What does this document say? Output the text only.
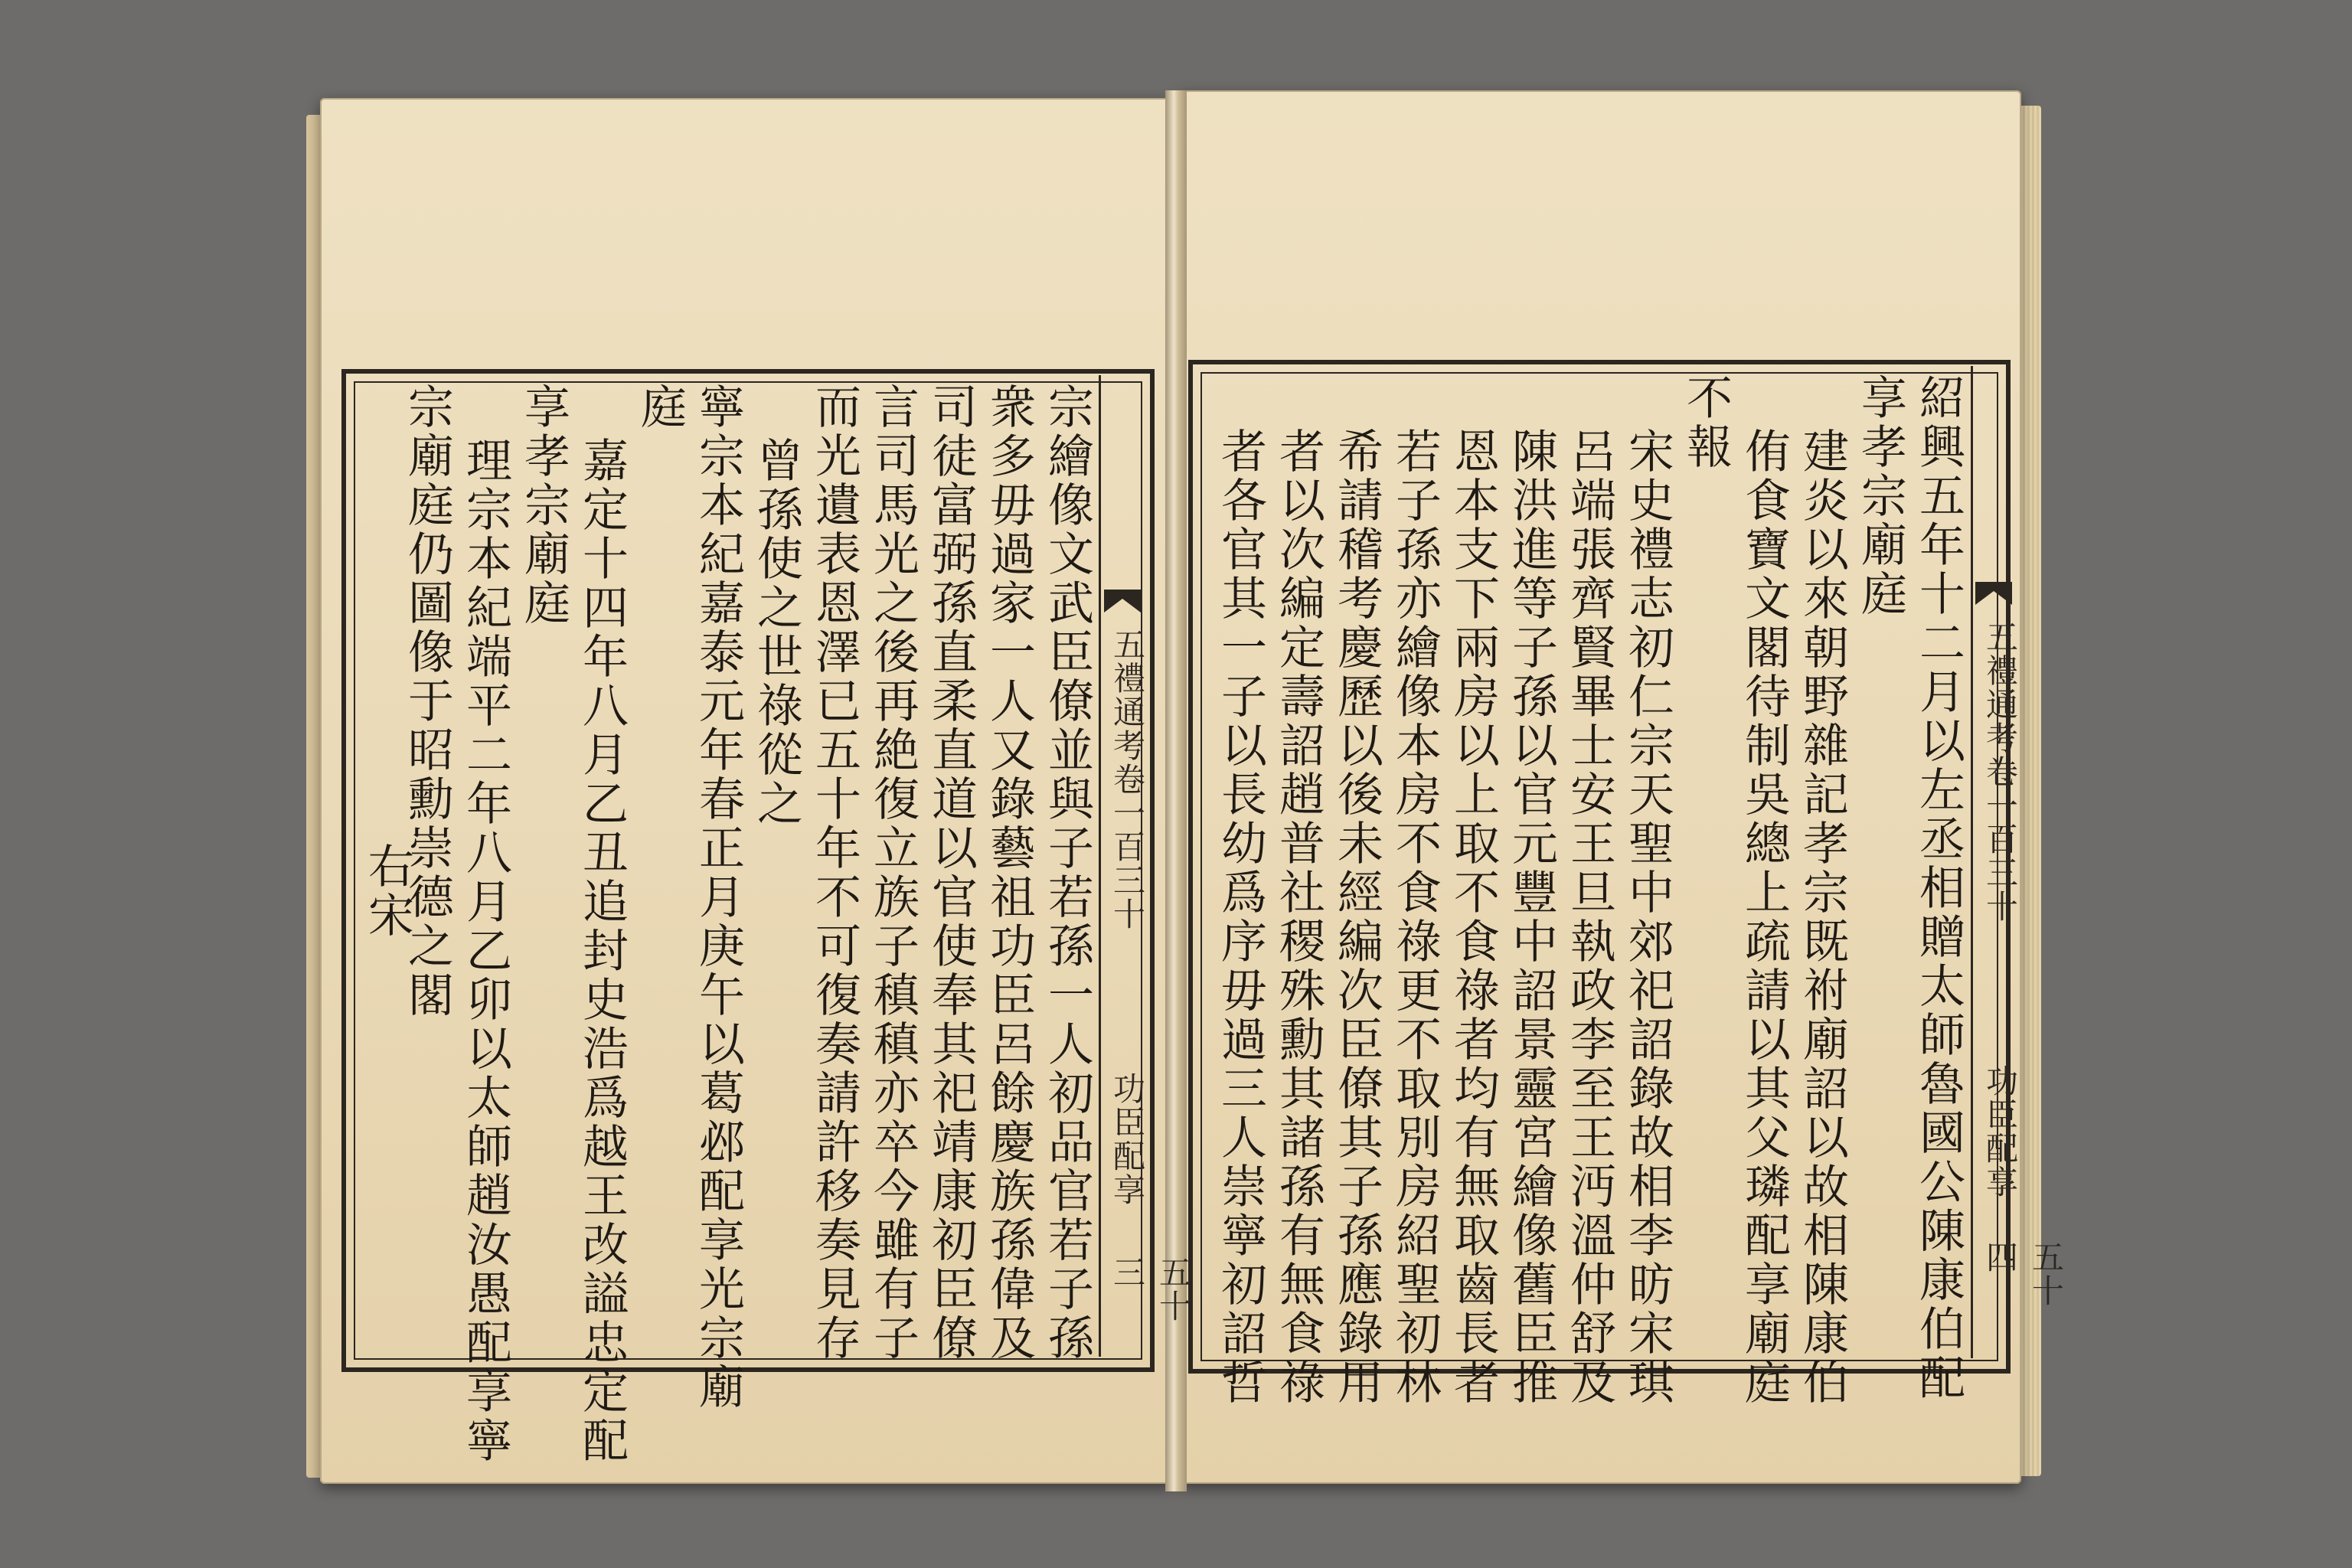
五禮通考卷一百三十
功臣配享
五十三
宗繪像文武臣僚並與子若孫一人初品官若子孫
衆多毋過家一人又錄藝祖功臣呂餘慶族孫偉及
司徒富弼孫直柔直道以官使奉其祀靖康初臣僚
言司馬光之後再絶復立族子稹稹亦卒今雖有子
而光遺表恩澤已五十年不可復奏請許移奏見存
曾孫使之世祿從之
寧宗本紀嘉泰元年春正月庚午以葛邲配享光宗廟
庭
嘉定十四年八月乙丑追封史浩爲越王改謚忠定配
享孝宗廟庭
理宗本紀端平二年八月乙卯以太師趙汝愚配享寧
宗廟庭仍圖像于昭勳崇德之閣
右宋	五禮通考卷一百三十
功臣配享
五十四
紹興五年十二月以左丞相贈太師魯國公陳康伯配
享孝宗廟庭
建炎以來朝野雜記孝宗既祔廟詔以故相陳康伯
侑食寶文閣待制吳總上疏請以其父璘配享廟庭
不報
宋史禮志初仁宗天聖中郊祀詔錄故相李昉宋琪
呂端張齊賢畢士安王旦執政李至王沔溫仲舒及
陳洪進等子孫以官元豐中詔景靈宮繪像舊臣推
恩本支下兩房以上取不食祿者均有無取齒長者
若子孫亦繪像本房不食祿更不取別房紹聖初林
希請稽考慶歷以後未經編次臣僚其子孫應錄用
者以次編定壽詔趙普社稷殊勳其諸孫有無食祿
者各官其一子以長幼爲序毋過三人崇寧初詔哲
